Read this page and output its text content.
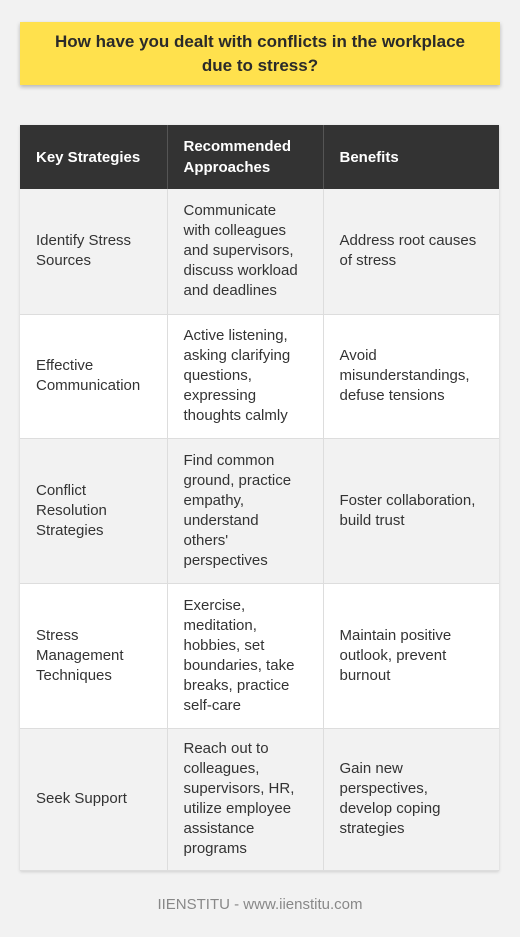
How have you dealt with conflicts in the workplace due to stress?
Key Strategies	Recommended Approaches	Benefits
Identify Stress Sources	Communicate with colleagues and supervisors, discuss workload and deadlines	Address root causes of stress
Effective Communication	Active listening, asking clarifying questions, expressing thoughts calmly	Avoid misunderstandings, defuse tensions
Conflict Resolution Strategies	Find common ground, practice empathy, understand others' perspectives	Foster collaboration, build trust
Stress Management Techniques	Exercise, meditation, hobbies, set boundaries, take breaks, practice self-care	Maintain positive outlook, prevent burnout
Seek Support	Reach out to colleagues, supervisors, HR, utilize employee assistance programs	Gain new perspectives, develop coping strategies
IIENSTITU - www.iienstitu.com
